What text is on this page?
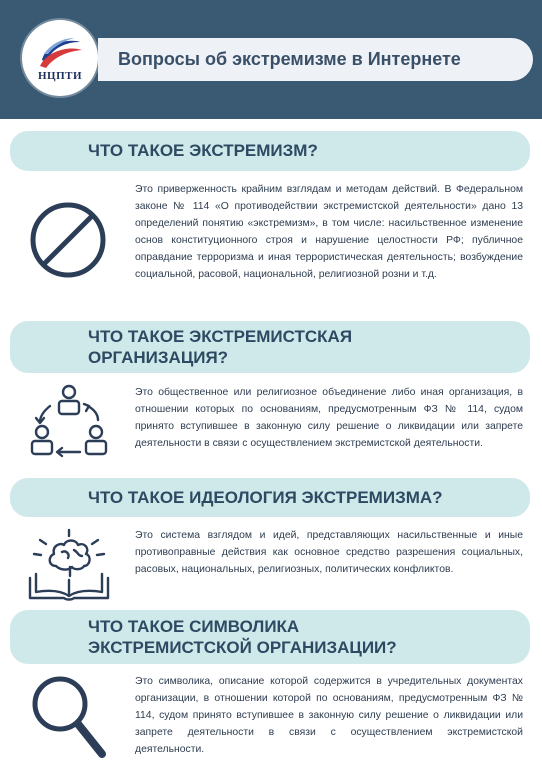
НЦПТИ
Вопросы об экстремизме в Интернете
ЧТО ТАКОЕ ЭКСТРЕМИЗМ?
Это приверженность крайним взглядам и методам действий. В Федеральном законе № 114 «О противодействии экстремистской деятельности» дано 13 определений понятию «экстремизм», в том числе: насильственное изменение основ конституционного строя и нарушение целостности РФ; публичное оправдание терроризма и иная террористическая деятельность; возбуждение социальной, расовой, национальной, религиозной розни и т.д.
ЧТО ТАКОЕ ЭКСТРЕМИСТСКАЯ ОРГАНИЗАЦИЯ?
Это общественное или религиозное объединение либо иная организация, в отношении которых по основаниям, предусмотренным ФЗ № 114, судом принято вступившее в законную силу решение о ликвидации или запрете деятельности в связи с осуществлением экстремистской деятельности.
ЧТО ТАКОЕ ИДЕОЛОГИЯ ЭКСТРЕМИЗМА?
Это система взглядом и идей, представляющих насильственные и иные противоправные действия как основное средство разрешения социальных, расовых, национальных, религиозных, политических конфликтов.
ЧТО ТАКОЕ СИМВОЛИКА ЭКСТРЕМИСТСКОЙ ОРГАНИЗАЦИИ?
Это символика, описание которой содержится в учредительных документах организации, в отношении которой по основаниям, предусмотренным ФЗ № 114, судом принято вступившее в законную силу решение о ликвидации или запрете деятельности в связи с осуществлением экстремистской деятельности.
